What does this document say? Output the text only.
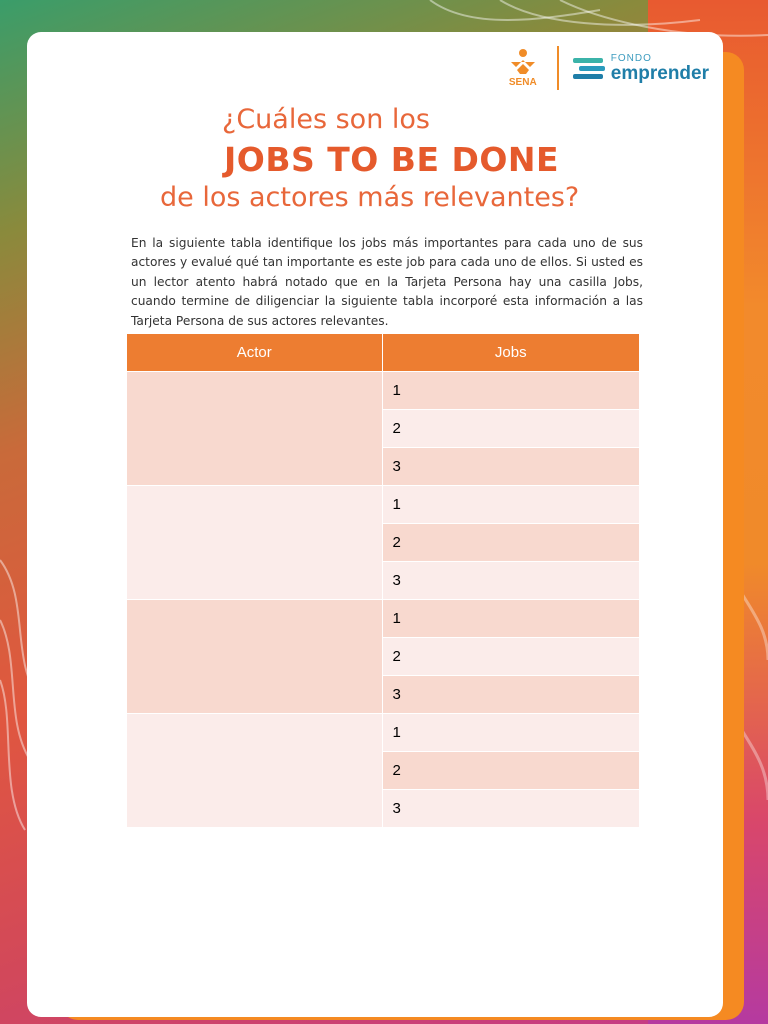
SENA
FONDO
emprender
¿Cuáles son los
JOBS TO BE DONE
de los actores más relevantes?
En la siguiente tabla identifique los jobs más importantes para cada uno de sus actores y evalué qué tan importante es este job para cada uno de ellos. Si usted es un lector atento habrá notado que en la Tarjeta Persona hay una casilla Jobs, cuando termine de diligenciar la siguiente tabla incorporé esta información a las Tarjeta Persona de sus actores relevantes.
Actor	Jobs
	1
	2
	3
	1
	2
	3
	1
	2
	3
	1
	2
	3
